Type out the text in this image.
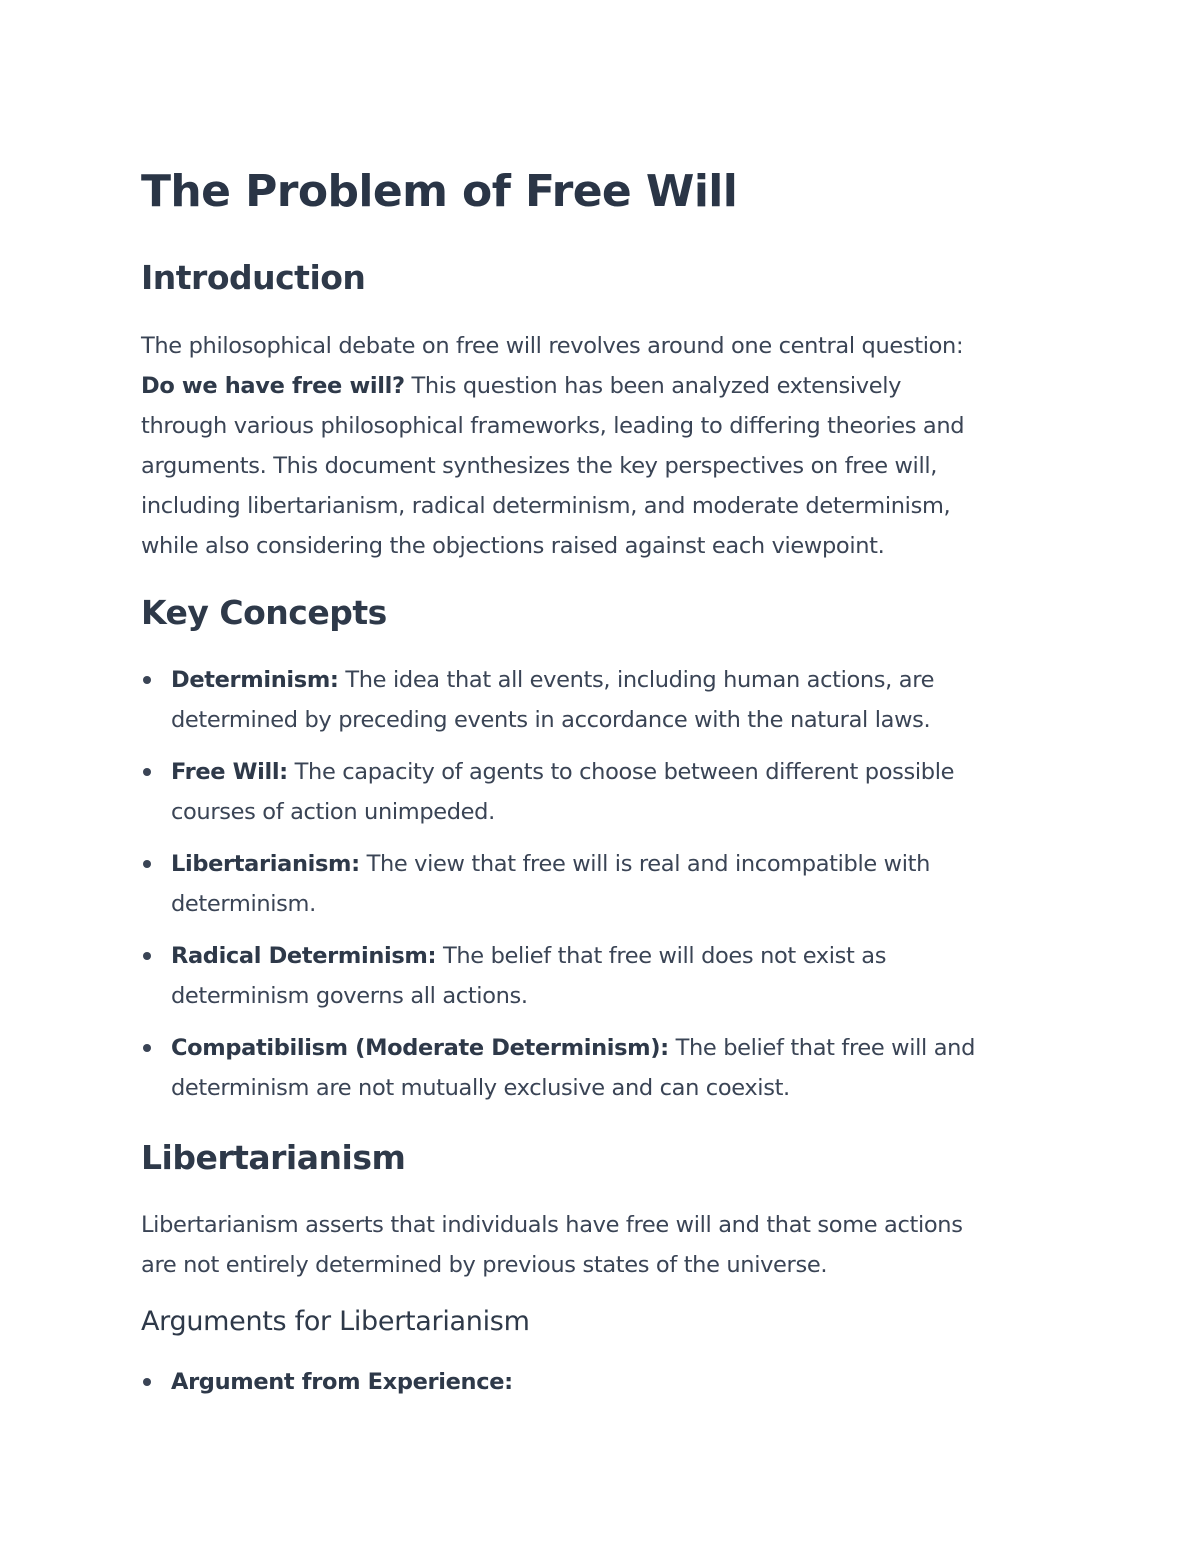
The Problem of Free Will
Introduction
The philosophical debate on free will revolves around one central question:
Do we have free will? This question has been analyzed extensively
through various philosophical frameworks, leading to differing theories and
arguments. This document synthesizes the key perspectives on free will,
including libertarianism, radical determinism, and moderate determinism,
while also considering the objections raised against each viewpoint.
Key Concepts
Determinism: The idea that all events, including human actions, are
determined by preceding events in accordance with the natural laws.
Free Will: The capacity of agents to choose between different possible
courses of action unimpeded.
Libertarianism: The view that free will is real and incompatible with
determinism.
Radical Determinism: The belief that free will does not exist as
determinism governs all actions.
Compatibilism (Moderate Determinism): The belief that free will and
determinism are not mutually exclusive and can coexist.
Libertarianism
Libertarianism asserts that individuals have free will and that some actions
are not entirely determined by previous states of the universe.
Arguments for Libertarianism
Argument from Experience:
